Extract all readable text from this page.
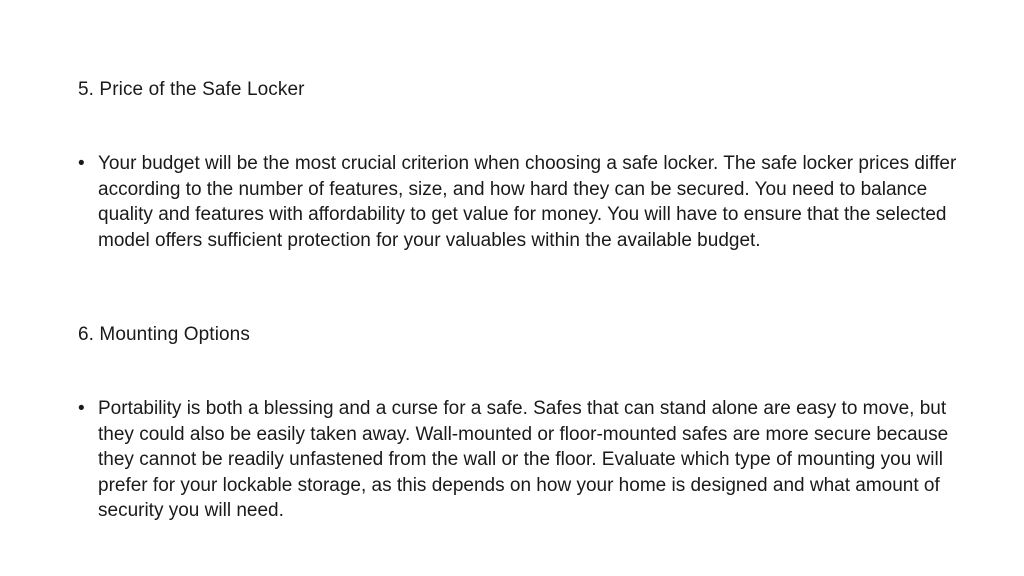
5. Price of the Safe Locker
• Your budget will be the most crucial criterion when choosing a safe locker. The safe locker prices differ according to the number of features, size, and how hard they can be secured. You need to balance quality and features with affordability to get value for money. You will have to ensure that the selected model offers sufficient protection for your valuables within the available budget.
6. Mounting Options
• Portability is both a blessing and a curse for a safe. Safes that can stand alone are easy to move, but they could also be easily taken away. Wall-mounted or floor-mounted safes are more secure because they cannot be readily unfastened from the wall or the floor. Evaluate which type of mounting you will prefer for your lockable storage, as this depends on how your home is designed and what amount of security you will need.
